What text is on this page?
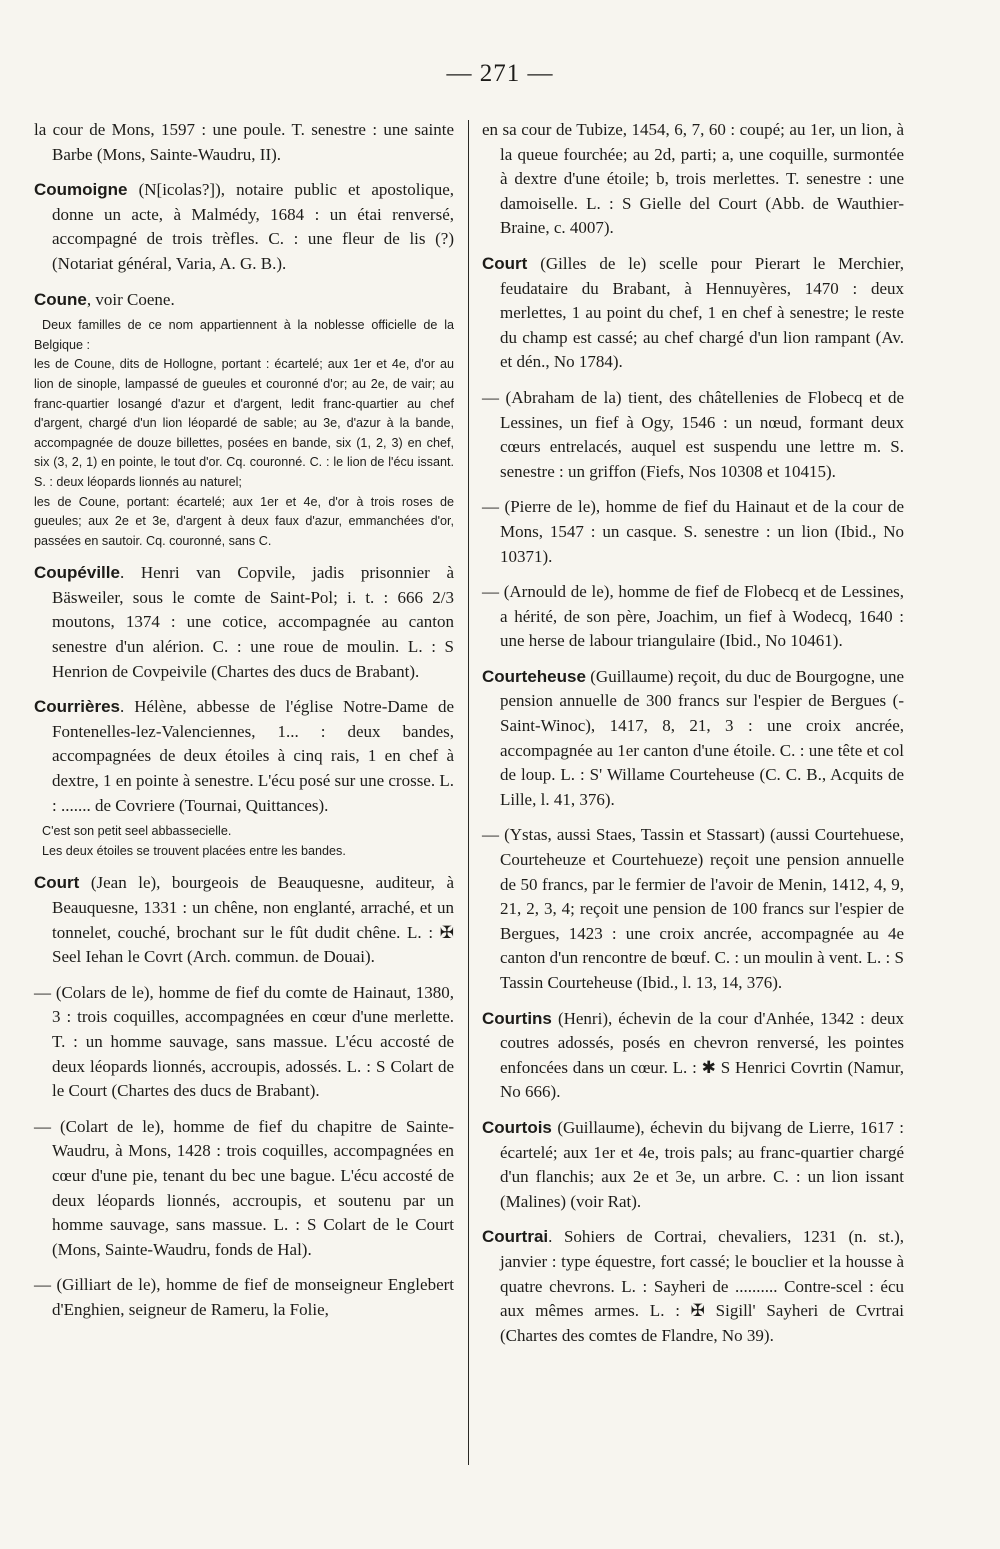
— 271 —

la cour de Mons, 1597 : une poule. T. senestre : une sainte Barbe (Mons, Sainte-Waudru, II).

Coumoigne (N[icolas?]), notaire public et apostolique, donne un acte, à Malmédy, 1684 : un étai renversé, accompagné de trois trèfles. C. : une fleur de lis (?) (Notariat général, Varia, A. G. B.).

Coune, voir Coene.

Deux familles de ce nom appartiennent à la noblesse officielle de la Belgique :

les de Coune, dits de Hollogne, portant : écartelé; aux 1er et 4e, d'or au lion de sinople, lampassé de gueules et couronné d'or; au 2e, de vair; au franc-quartier losangé d'azur et d'argent, ledit franc-quartier au chef d'argent, chargé d'un lion léopardé de sable; au 3e, d'azur à la bande, accompagnée de douze billettes, posées en bande, six (1, 2, 3) en chef, six (3, 2, 1) en pointe, le tout d'or. Cq. couronné. C. : le lion de l'écu issant. S. : deux léopards lionnés au naturel;

les de Coune, portant: écartelé; aux 1er et 4e, d'or à trois roses de gueules; aux 2e et 3e, d'argent à deux faux d'azur, emmanchées d'or, passées en sautoir. Cq. couronné, sans C.

Coupéville. Henri van Copvile, jadis prisonnier à Bäsweiler, sous le comte de Saint-Pol; i. t. : 666 2/3 moutons, 1374 : une cotice, accompagnée au canton senestre d'un alérion. C. : une roue de moulin. L. : S Henrion de Covpeivile (Chartes des ducs de Brabant).

Courrières. Hélène, abbesse de l'église Notre-Dame de Fontenelles-lez-Valenciennes, 1... : deux bandes, accompagnées de deux étoiles à cinq rais, 1 en chef à dextre, 1 en pointe à senestre. L'écu posé sur une crosse. L. : ....... de Covriere (Tournai, Quittances).

C'est son petit seel abbassecielle.

Les deux étoiles se trouvent placées entre les bandes.

Court (Jean le), bourgeois de Beauquesne, auditeur, à Beauquesne, 1331 : un chêne, non englanté, arraché, et un tonnelet, couché, brochant sur le fût dudit chêne. L. : ✠ Seel Iehan le Covrt (Arch. commun. de Douai).

— (Colars de le), homme de fief du comte de Hainaut, 1380, 3 : trois coquilles, accompagnées en cœur d'une merlette. T. : un homme sauvage, sans massue. L'écu accosté de deux léopards lionnés, accroupis, adossés. L. : S Colart de le Court (Chartes des ducs de Brabant).

— (Colart de le), homme de fief du chapitre de Sainte-Waudru, à Mons, 1428 : trois coquilles, accompagnées en cœur d'une pie, tenant du bec une bague. L'écu accosté de deux léopards lionnés, accroupis, et soutenu par un homme sauvage, sans massue. L. : S Colart de le Court (Mons, Sainte-Waudru, fonds de Hal).

— (Gilliart de le), homme de fief de monseigneur Englebert d'Enghien, seigneur de Rameru, la Folie,

en sa cour de Tubize, 1454, 6, 7, 60 : coupé; au 1er, un lion, à la queue fourchée; au 2d, parti; a, une coquille, surmontée à dextre d'une étoile; b, trois merlettes. T. senestre : une damoiselle. L. : S Gielle del Court (Abb. de Wauthier-Braine, c. 4007).

Court (Gilles de le) scelle pour Pierart le Merchier, feudataire du Brabant, à Hennuyères, 1470 : deux merlettes, 1 au point du chef, 1 en chef à senestre; le reste du champ est cassé; au chef chargé d'un lion rampant (Av. et dén., No 1784).

— (Abraham de la) tient, des châtellenies de Flobecq et de Lessines, un fief à Ogy, 1546 : un nœud, formant deux cœurs entrelacés, auquel est suspendu une lettre m. S. senestre : un griffon (Fiefs, Nos 10308 et 10415).

— (Pierre de le), homme de fief du Hainaut et de la cour de Mons, 1547 : un casque. S. senestre : un lion (Ibid., No 10371).

— (Arnould de le), homme de fief de Flobecq et de Lessines, a hérité, de son père, Joachim, un fief à Wodecq, 1640 : une herse de labour triangulaire (Ibid., No 10461).

Courteheuse (Guillaume) reçoit, du duc de Bourgogne, une pension annuelle de 300 francs sur l'espier de Bergues (-Saint-Winoc), 1417, 8, 21, 3 : une croix ancrée, accompagnée au 1er canton d'une étoile. C. : une tête et col de loup. L. : S' Willame Courteheuse (C. C. B., Acquits de Lille, l. 41, 376).

— (Ystas, aussi Staes, Tassin et Stassart) (aussi Courtehuese, Courteheuze et Courtehueze) reçoit une pension annuelle de 50 francs, par le fermier de l'avoir de Menin, 1412, 4, 9, 21, 2, 3, 4; reçoit une pension de 100 francs sur l'espier de Bergues, 1423 : une croix ancrée, accompagnée au 4e canton d'un rencontre de bœuf. C. : un moulin à vent. L. : S Tassin Courteheuse (Ibid., l. 13, 14, 376).

Courtins (Henri), échevin de la cour d'Anhée, 1342 : deux coutres adossés, posés en chevron renversé, les pointes enfoncées dans un cœur. L. : ✱ S Henrici Covrtin (Namur, No 666).

Courtois (Guillaume), échevin du bijvang de Lierre, 1617 : écartelé; aux 1er et 4e, trois pals; au franc-quartier chargé d'un flanchis; aux 2e et 3e, un arbre. C. : un lion issant (Malines) (voir Rat).

Courtrai. Sohiers de Cortrai, chevaliers, 1231 (n. st.), janvier : type équestre, fort cassé; le bouclier et la housse à quatre chevrons. L. : Sayheri de .......... Contre-scel : écu aux mêmes armes. L. : ✠ Sigill' Sayheri de Cvrtrai (Chartes des comtes de Flandre, No 39).
